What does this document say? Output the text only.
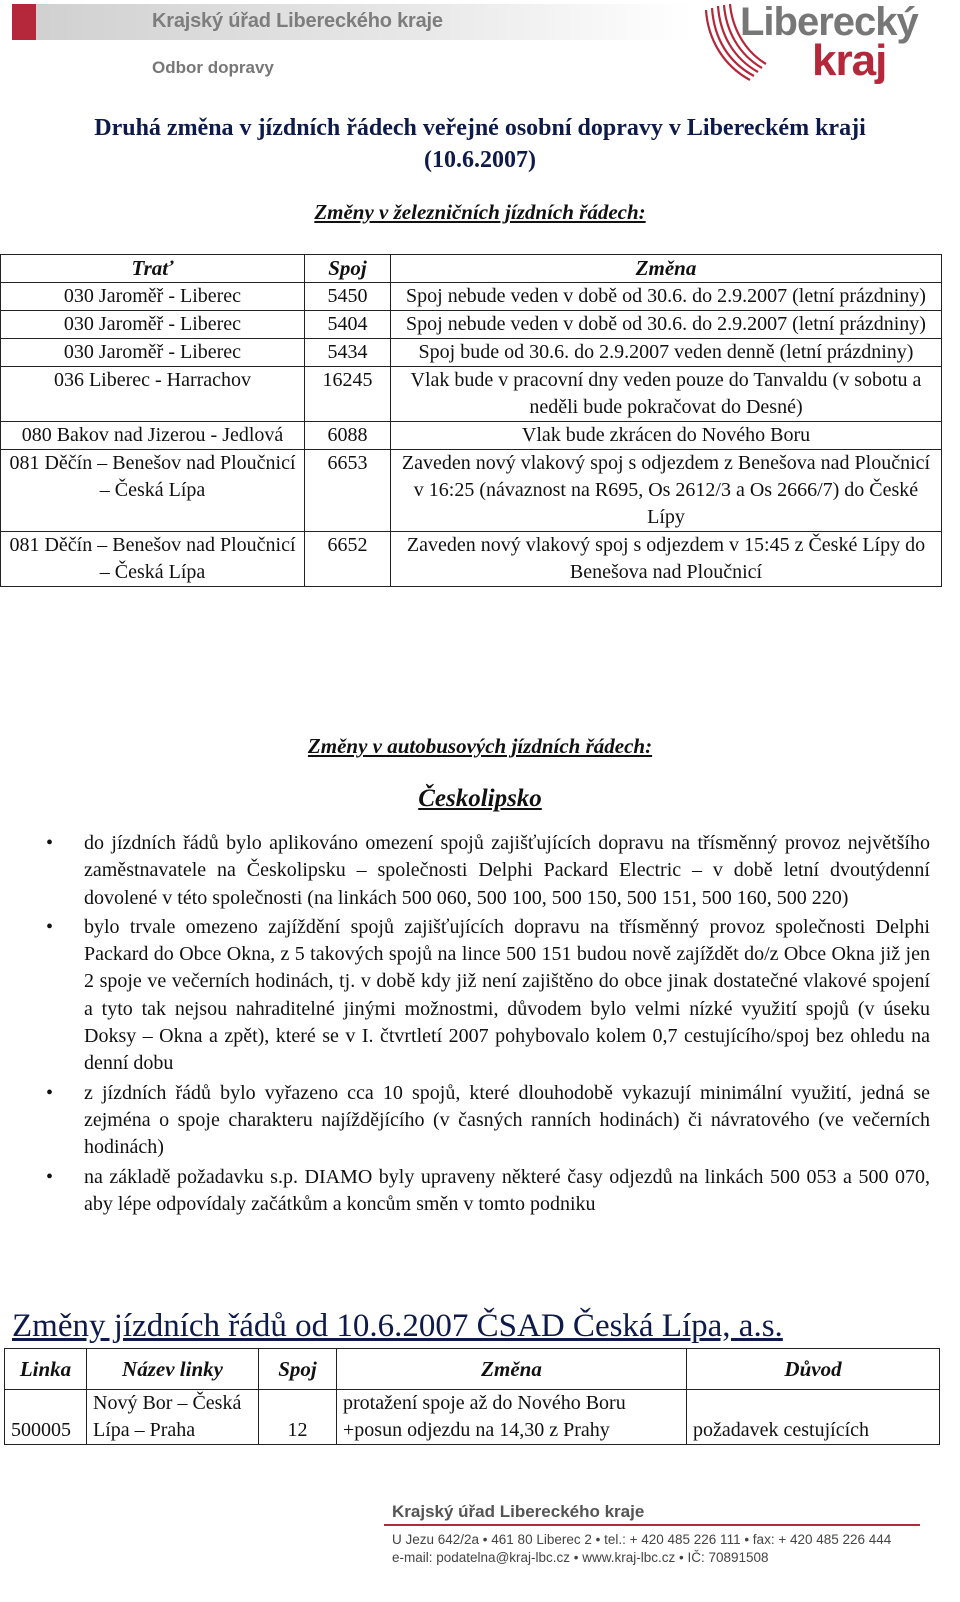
Krajský úřad Libereckého kraje
Odbor dopravy
Liberecký
kraj
Druhá změna v jízdních řádech veřejné osobní dopravy v Libereckém kraji
(10.6.2007)
Změny v železničních jízdních řádech:
Trať	Spoj	Změna
030 Jaroměř - Liberec	5450	Spoj nebude veden v době od 30.6. do 2.9.2007 (letní prázdniny)
030 Jaroměř - Liberec	5404	Spoj nebude veden v době od 30.6. do 2.9.2007 (letní prázdniny)
030 Jaroměř - Liberec	5434	Spoj bude od 30.6. do 2.9.2007 veden denně (letní prázdniny)
036 Liberec - Harrachov	16245	Vlak bude v pracovní dny veden pouze do Tanvaldu (v sobotu a neděli bude pokračovat do Desné)
080 Bakov nad Jizerou - Jedlová	6088	Vlak bude zkrácen do Nového Boru
081 Děčín – Benešov nad Ploučnicí – Česká Lípa	6653	Zaveden nový vlakový spoj s odjezdem z Benešova nad Ploučnicí v 16:25 (návaznost na R695, Os 2612/3 a Os 2666/7) do České Lípy
081 Děčín – Benešov nad Ploučnicí – Česká Lípa	6652	Zaveden nový vlakový spoj s odjezdem v 15:45 z České Lípy do Benešova nad Ploučnicí
Změny v autobusových jízdních řádech:
Českolipsko
• do jízdních řádů bylo aplikováno omezení spojů zajišťujících dopravu na třísměnný provoz největšího zaměstnavatele na Českolipsku – společnosti Delphi Packard Electric – v době letní dvoutýdenní dovolené v této společnosti (na linkách 500 060, 500 100, 500 150, 500 151, 500 160, 500 220)
• bylo trvale omezeno zajíždění spojů zajišťujících dopravu na třísměnný provoz společnosti Delphi Packard do Obce Okna, z 5 takových spojů na lince 500 151 budou nově zajíždět do/z Obce Okna již jen 2 spoje ve večerních hodinách, tj. v době kdy již není zajištěno do obce jinak dostatečné vlakové spojení a tyto tak nejsou nahraditelné jinými možnostmi, důvodem bylo velmi nízké využití spojů (v úseku Doksy – Okna a zpět), které se v I. čtvrtletí 2007 pohybovalo kolem 0,7 cestujícího/spoj bez ohledu na denní dobu
• z jízdních řádů bylo vyřazeno cca 10 spojů, které dlouhodobě vykazují minimální využití, jedná se zejména o spoje charakteru najíždějícího (v časných ranních hodinách) či návratového (ve večerních hodinách)
• na základě požadavku s.p. DIAMO byly upraveny některé časy odjezdů na linkách 500 053 a 500 070, aby lépe odpovídaly začátkům a koncům směn v tomto podniku
Změny jízdních řádů od 10.6.2007 ČSAD Česká Lípa, a.s.
Linka	Název linky	Spoj	Změna	Důvod
500005	Nový Bor – Česká Lípa – Praha	12	protažení spoje až do Nového Boru +posun odjezdu na 14,30 z Prahy	požadavek cestujících
Krajský úřad Libereckého kraje
U Jezu 642/2a • 461 80 Liberec 2 • tel.: + 420 485 226 111 • fax: + 420 485 226 444
e-mail: podatelna@kraj-lbc.cz • www.kraj-lbc.cz • IČ: 70891508
